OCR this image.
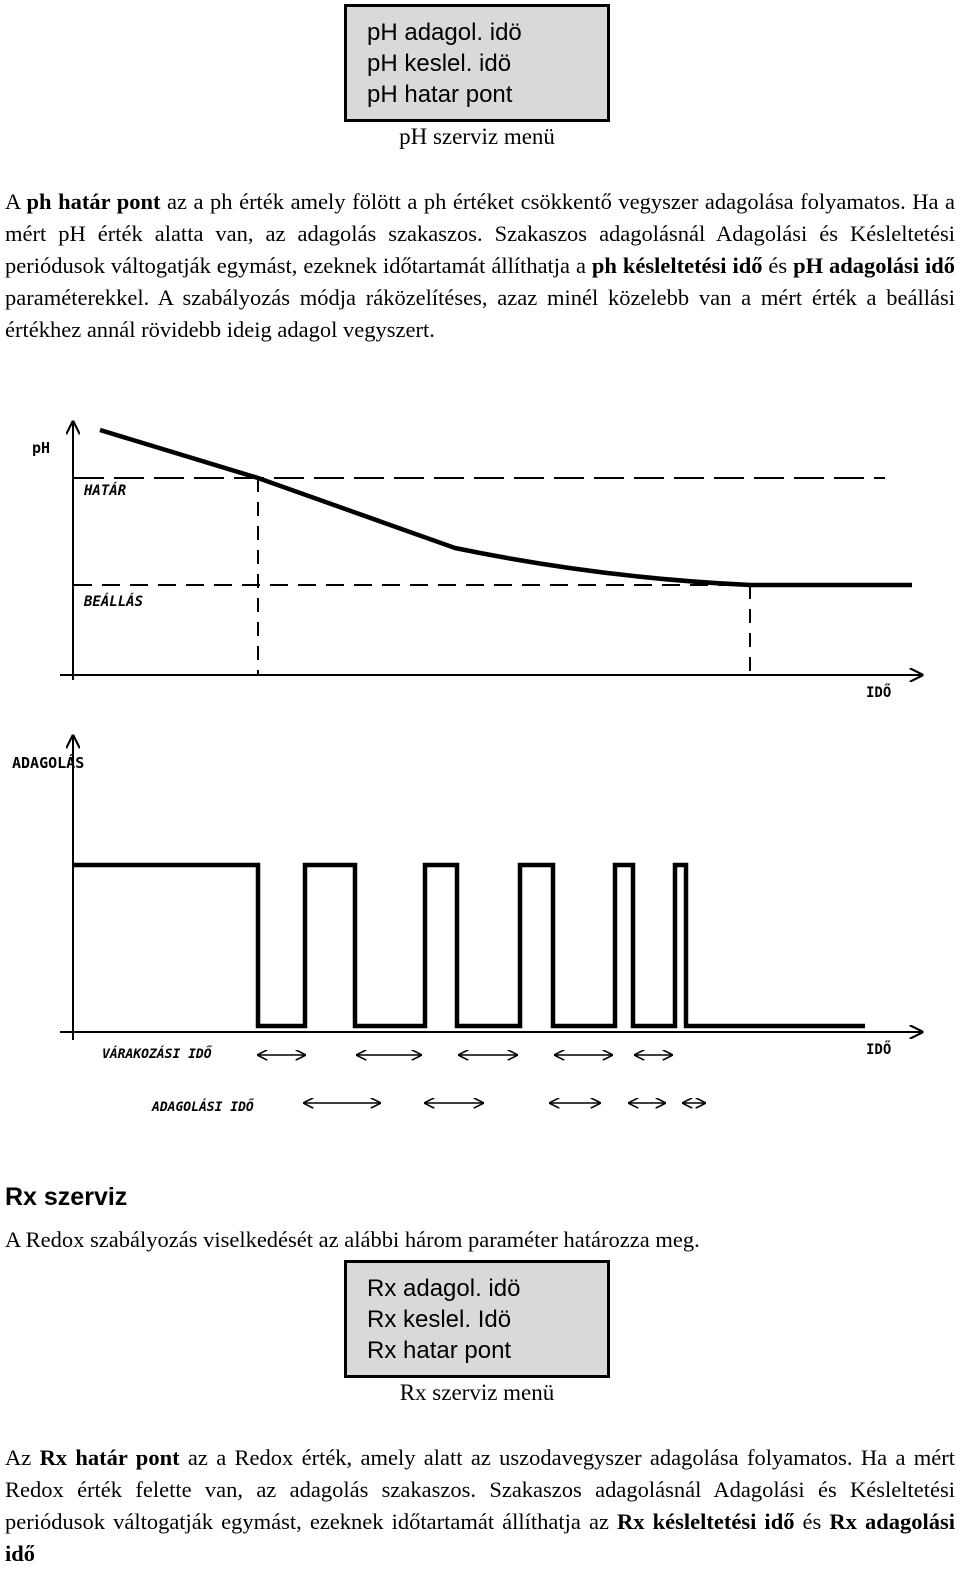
pH adagol. idö
pH keslel. idö
pH hatar pont
pH szerviz menü

A ph határ pont az a ph érték amely fölött a ph értéket csökkentő vegyszer adagolása folyamatos. Ha a mért pH érték alatta van, az adagolás szakaszos. Szakaszos adagolásnál Adagolási és Késleltetési periódusok váltogatják egymást, ezeknek időtartamát állíthatja a ph késleltetési idő és pH adagolási idő paraméterekkel. A szabályozás módja ráközelítéses, azaz minél közelebb van a mért érték a beállási értékhez annál rövidebb ideig adagol vegyszert.

pH
HATÁR
BEÁLLÁS
IDŐ
ADAGOLÁS
IDŐ
VÁRAKOZÁSI IDŐ
ADAGOLÁSI IDŐ
Rx szerviz
A Redox szabályozás viselkedését az alábbi három paraméter határozza meg.
Rx adagol. idö
Rx keslel. Idö
Rx hatar pont
Rx szerviz menü

Az Rx határ pont az a Redox érték, amely alatt az uszodavegyszer adagolása folyamatos. Ha a mért Redox érték felette van, az adagolás szakaszos. Szakaszos adagolásnál Adagolási és Késleltetési periódusok váltogatják egymást, ezeknek időtartamát állíthatja az Rx késleltetési idő és Rx adagolási idő
